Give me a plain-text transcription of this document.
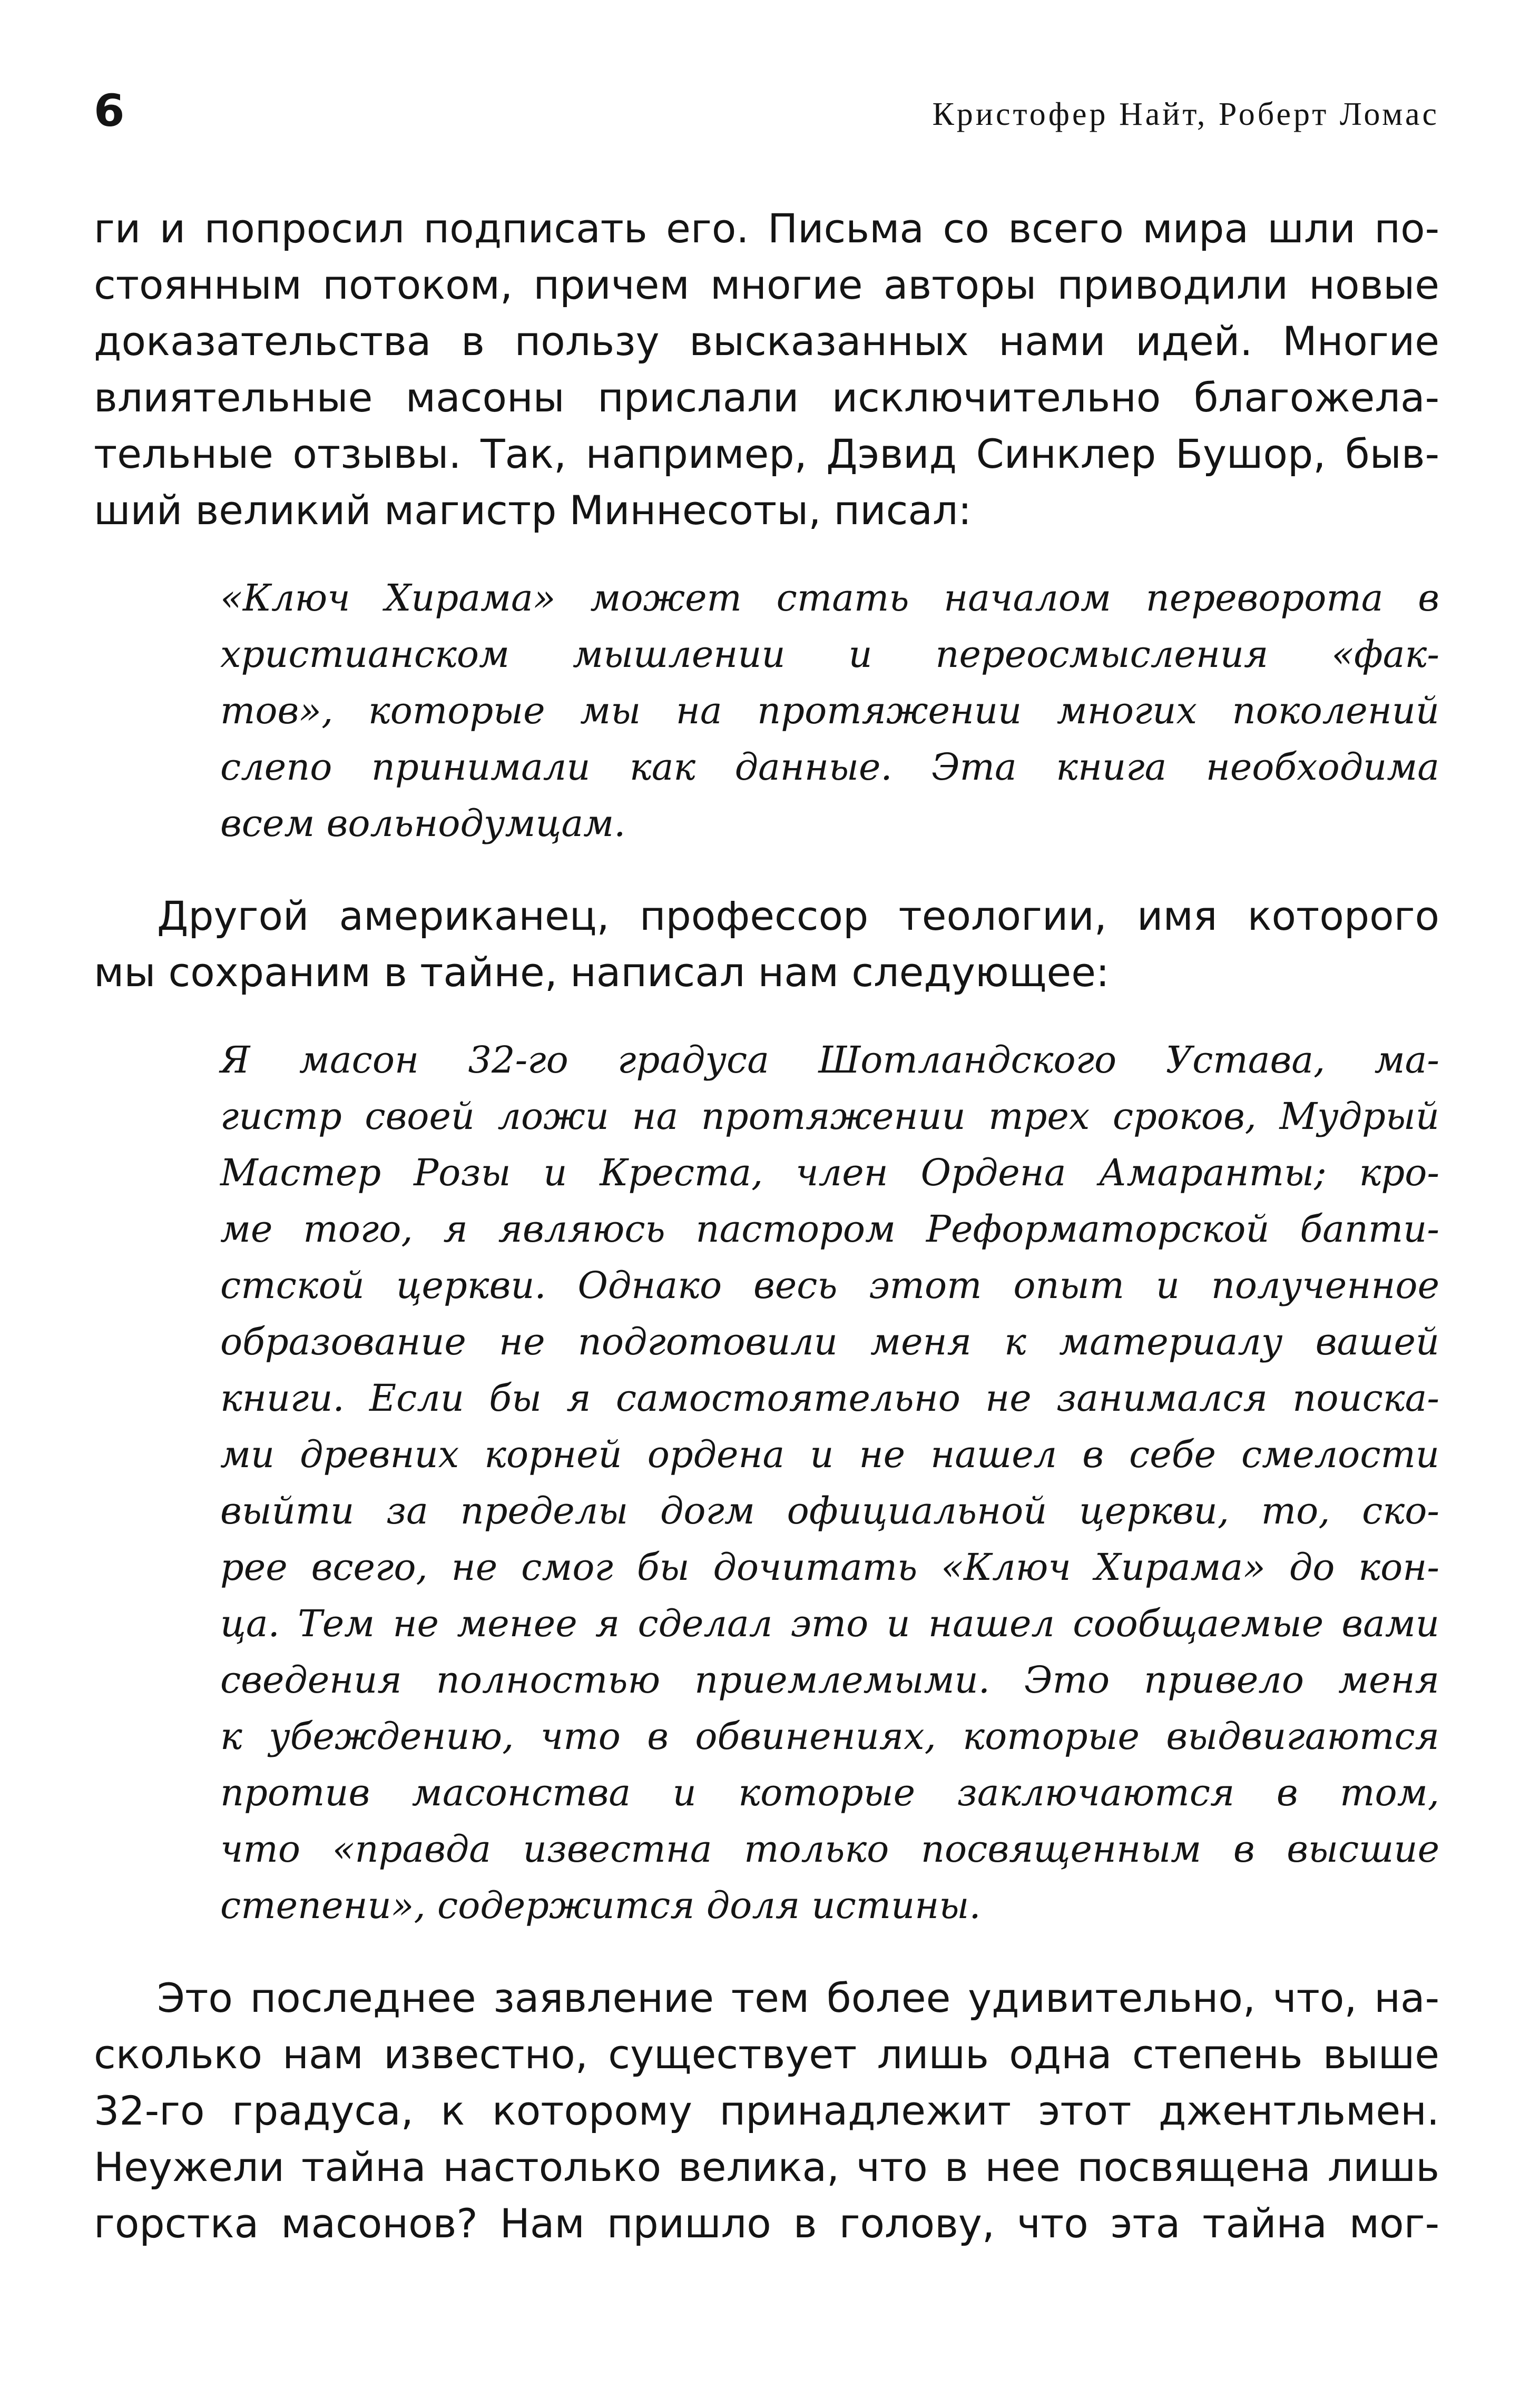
6	Кристофер Найт, Роберт Ломас

ги и попросил подписать его. Письма со всего мира шли по-
стоянным потоком, причем многие авторы приводили новые
доказательства в пользу высказанных нами идей. Многие
влиятельные масоны прислали исключительно благожела-
тельные отзывы. Так, например, Дэвид Синклер Бушор, быв-
ший великий магистр Миннесоты, писал:

«Ключ Хирама» может стать началом переворота в
христианском мышлении и переосмысления «фак-
тов», которые мы на протяжении многих поколений
слепо принимали как данные. Эта книга необходима
всем вольнодумцам.

Другой американец, профессор теологии, имя которого
мы сохраним в тайне, написал нам следующее:

Я масон 32-го градуса Шотландского Устава, ма-
гистр своей ложи на протяжении трех сроков, Мудрый
Мастер Розы и Креста, член Ордена Амаранты; кро-
ме того, я являюсь пастором Реформаторской бапти-
стской церкви. Однако весь этот опыт и полученное
образование не подготовили меня к материалу вашей
книги. Если бы я самостоятельно не занимался поиска-
ми древних корней ордена и не нашел в себе смелости
выйти за пределы догм официальной церкви, то, ско-
рее всего, не смог бы дочитать «Ключ Хирама» до кон-
ца. Тем не менее я сделал это и нашел сообщаемые вами
сведения полностью приемлемыми. Это привело меня
к убеждению, что в обвинениях, которые выдвигаются
против масонства и которые заключаются в том,
что «правда известна только посвященным в высшие
степени», содержится доля истины.

Это последнее заявление тем более удивительно, что, на-
сколько нам известно, существует лишь одна степень выше
32-го градуса, к которому принадлежит этот джентльмен.
Неужели тайна настолько велика, что в нее посвящена лишь
горстка масонов? Нам пришло в голову, что эта тайна мог-
